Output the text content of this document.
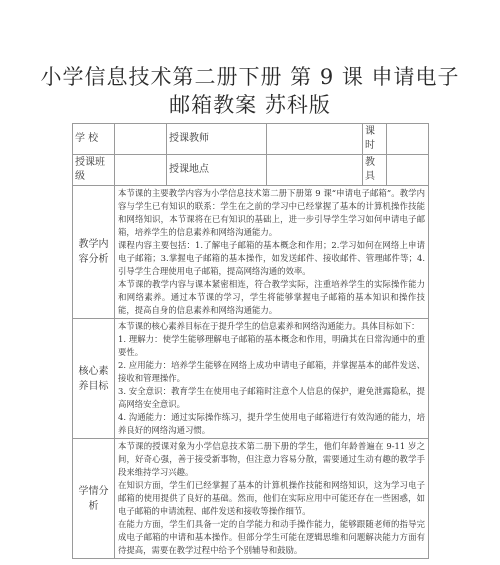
小学信息技术第二册下册 第 9 课 申请电子
邮箱教案 苏科版
学 校		授课教师		课时	
授课班级		授课地点		教具	
教学内容分析	本节课的主要教学内容为小学信息技术第二册下册第 9 课“申请电子邮箱”。教学内容与学生已有知识的联系：学生在之前的学习中已经掌握了基本的计算机操作技能和网络知识，本节课将在已有知识的基础上，进一步引导学生学习如何申请电子邮箱，培养学生的信息素养和网络沟通能力。

课程内容主要包括：1.了解电子邮箱的基本概念和作用；2.学习如何在网络上申请电子邮箱；3.掌握电子邮箱的基本操作，如发送邮件、接收邮件、管理邮件等；4.引导学生合理使用电子邮箱，提高网络沟通的效率。

本节课的教学内容与课本紧密相连，符合教学实际，注重培养学生的实际操作能力和网络素养。通过本节课的学习，学生将能够掌握电子邮箱的基本知识和操作技能，提高自身的信息素养和网络沟通能力。				

核心素养目标	本节课的核心素养目标在于提升学生的信息素养和网络沟通能力。具体目标如下：

1. 理解力：使学生能够理解电子邮箱的基本概念和作用，明确其在日常沟通中的重要性。

2. 应用能力：培养学生能够在网络上成功申请电子邮箱，并掌握基本的邮件发送、接收和管理操作。

3. 安全意识：教育学生在使用电子邮箱时注意个人信息的保护，避免泄露隐私，提高网络安全意识。

4. 沟通能力：通过实际操作练习，提升学生使用电子邮箱进行有效沟通的能力，培养良好的网络沟通习惯。				

学情分析	本节课的授课对象为小学信息技术第二册下册的学生，他们年龄普遍在 9-11 岁之间，好奇心强，善于接受新事物，但注意力容易分散，需要通过生动有趣的教学手段来维持学习兴趣。

在知识方面，学生们已经掌握了基本的计算机操作技能和网络知识，这为学习电子邮箱的使用提供了良好的基础。然而，他们在实际应用中可能还存在一些困惑，如电子邮箱的申请流程、邮件发送和接收等操作细节。

在能力方面，学生们具备一定的自学能力和动手操作能力，能够跟随老师的指导完成电子邮箱的申请和基本操作。但部分学生可能在逻辑思维和问题解决能力方面有待提高，需要在教学过程中给予个别辅导和鼓励。				
